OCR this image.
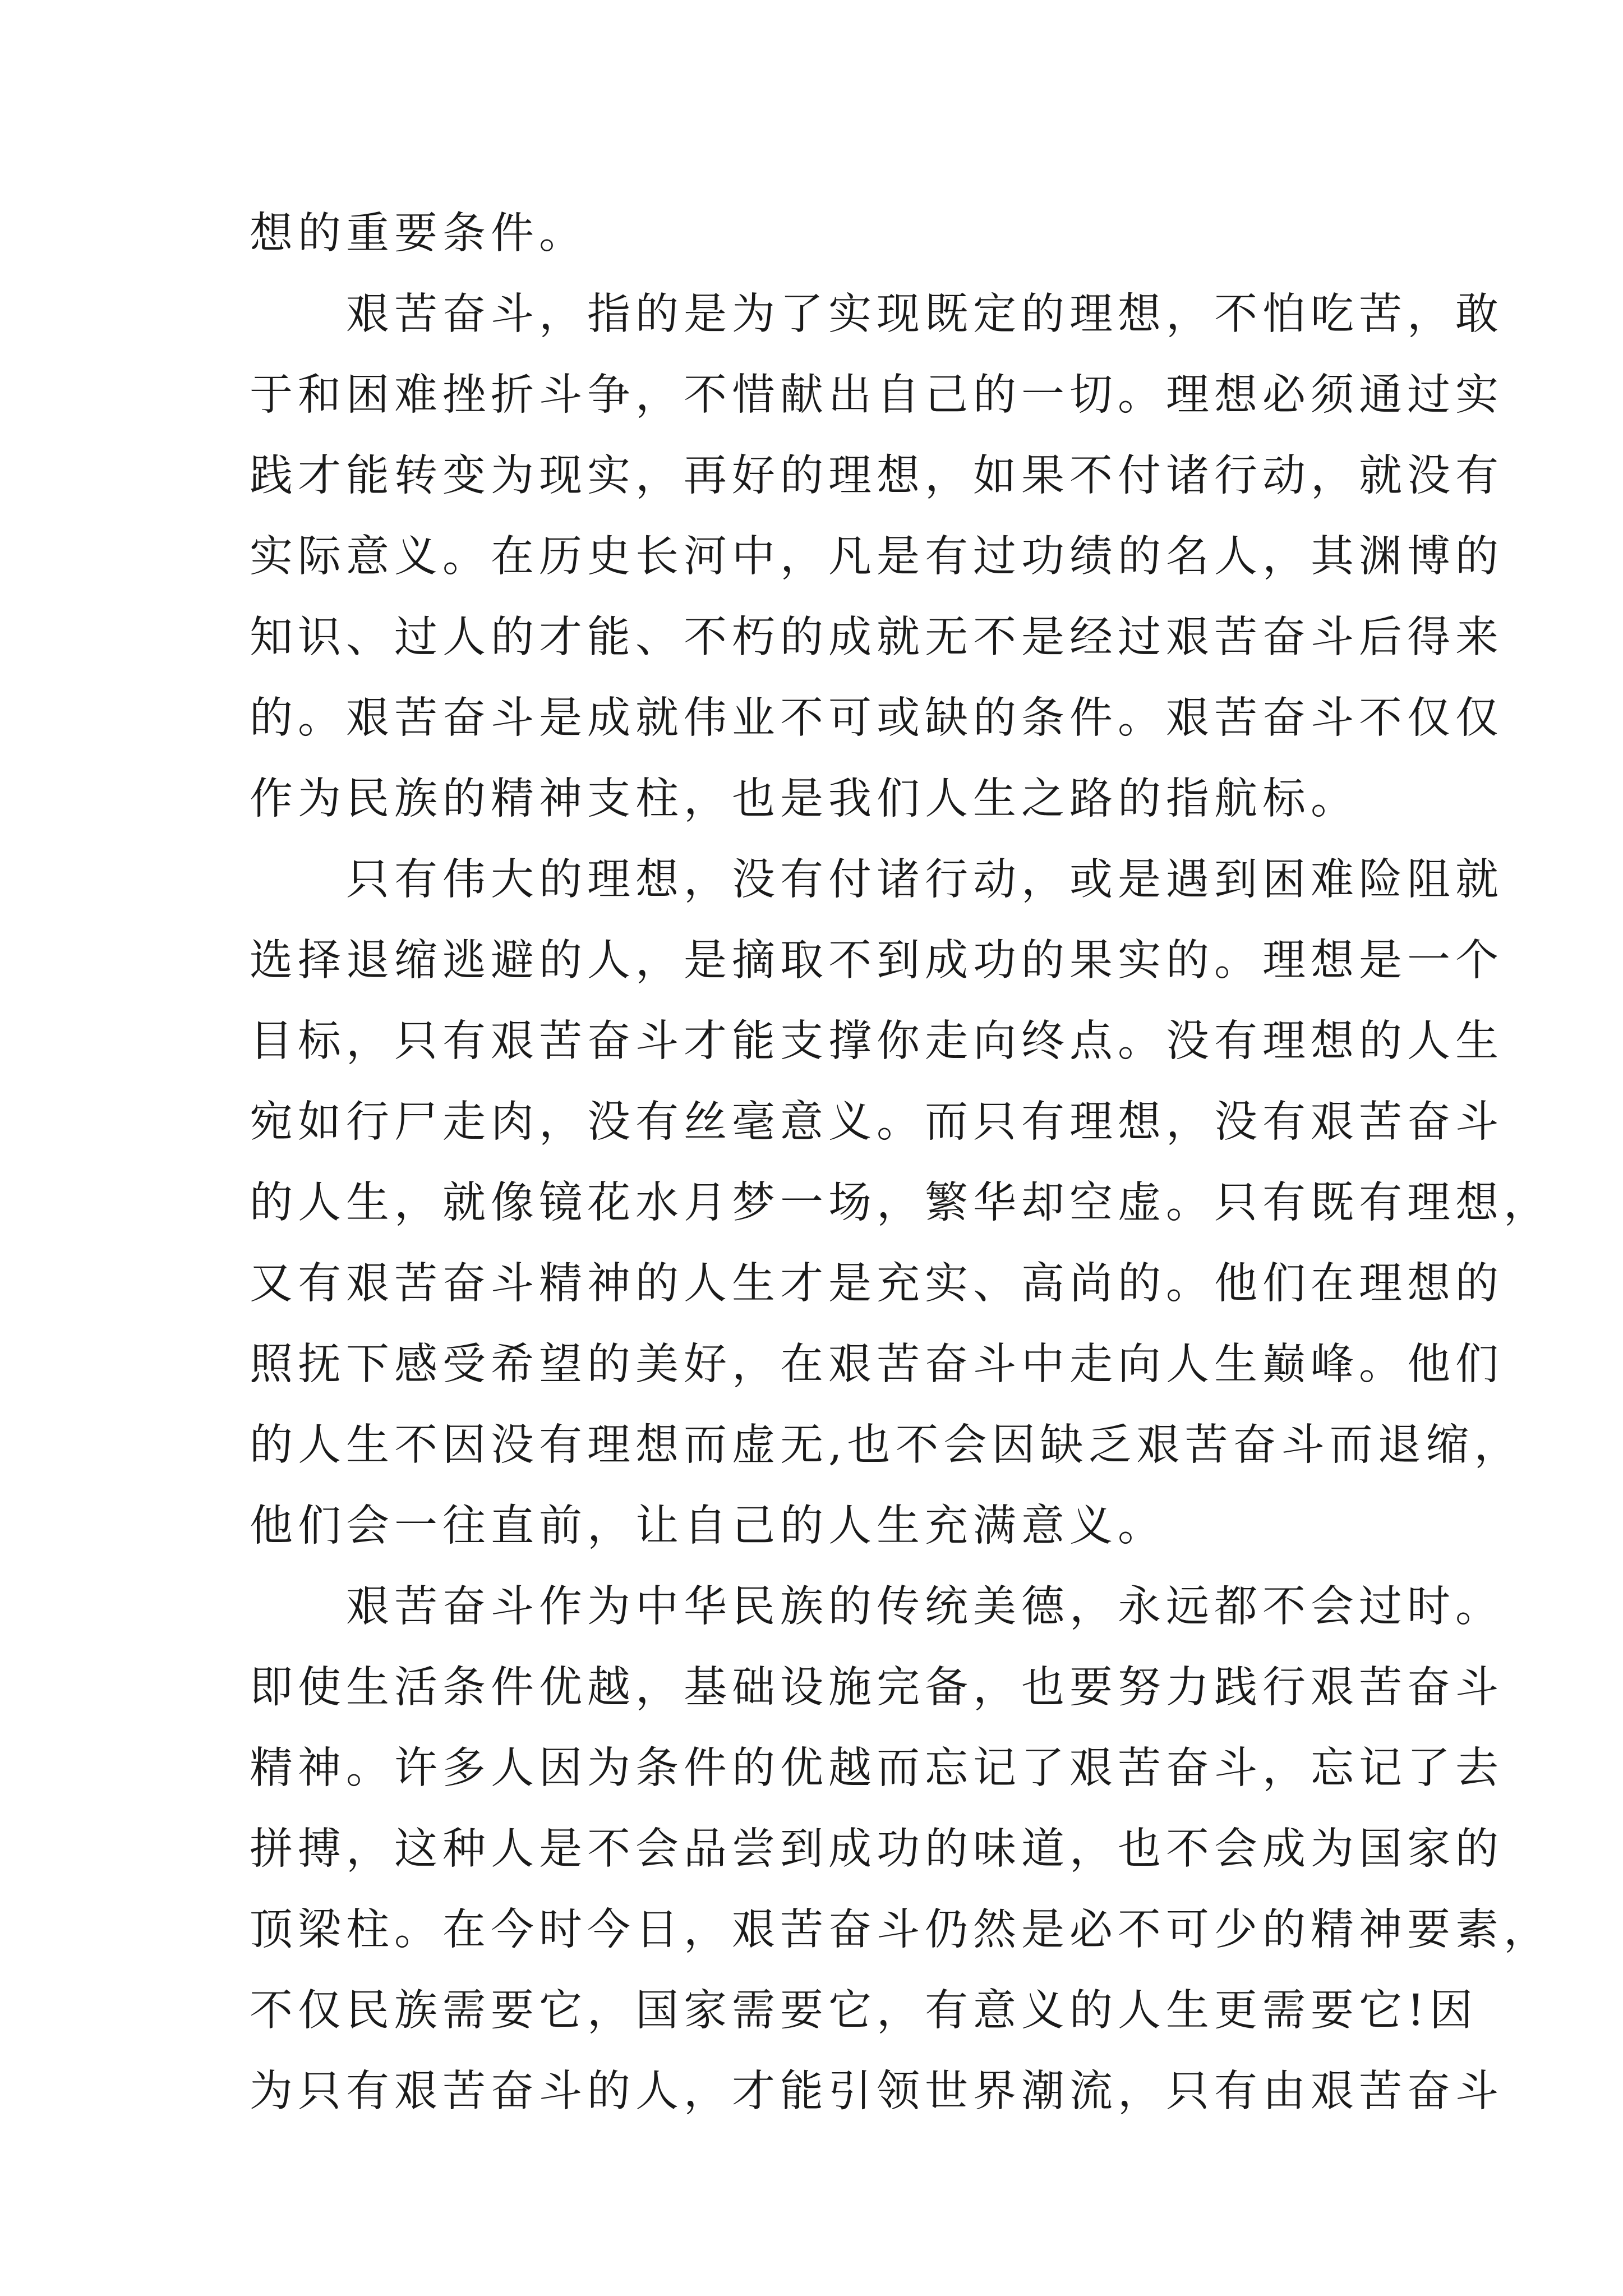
想的重要条件。
艰苦奋斗，指的是为了实现既定的理想，不怕吃苦，敢
于和困难挫折斗争，不惜献出自己的一切。理想必须通过实
践才能转变为现实，再好的理想，如果不付诸行动，就没有
实际意义。在历史长河中，凡是有过功绩的名人，其渊博的
知识、过人的才能、不朽的成就无不是经过艰苦奋斗后得来
的。艰苦奋斗是成就伟业不可或缺的条件。艰苦奋斗不仅仅
作为民族的精神支柱，也是我们人生之路的指航标。
只有伟大的理想，没有付诸行动，或是遇到困难险阻就
选择退缩逃避的人，是摘取不到成功的果实的。理想是一个
目标，只有艰苦奋斗才能支撑你走向终点。没有理想的人生
宛如行尸走肉，没有丝毫意义。而只有理想，没有艰苦奋斗
的人生，就像镜花水月梦一场，繁华却空虚。只有既有理想，
又有艰苦奋斗精神的人生才是充实、高尚的。他们在理想的
照抚下感受希望的美好，在艰苦奋斗中走向人生巅峰。他们
的人生不因没有理想而虚无,也不会因缺乏艰苦奋斗而退缩，
他们会一往直前，让自己的人生充满意义。
艰苦奋斗作为中华民族的传统美德，永远都不会过时。
即使生活条件优越，基础设施完备，也要努力践行艰苦奋斗
精神。许多人因为条件的优越而忘记了艰苦奋斗，忘记了去
拼搏，这种人是不会品尝到成功的味道，也不会成为国家的
顶梁柱。在今时今日，艰苦奋斗仍然是必不可少的精神要素，
不仅民族需要它，国家需要它，有意义的人生更需要它!因
为只有艰苦奋斗的人，才能引领世界潮流，只有由艰苦奋斗
